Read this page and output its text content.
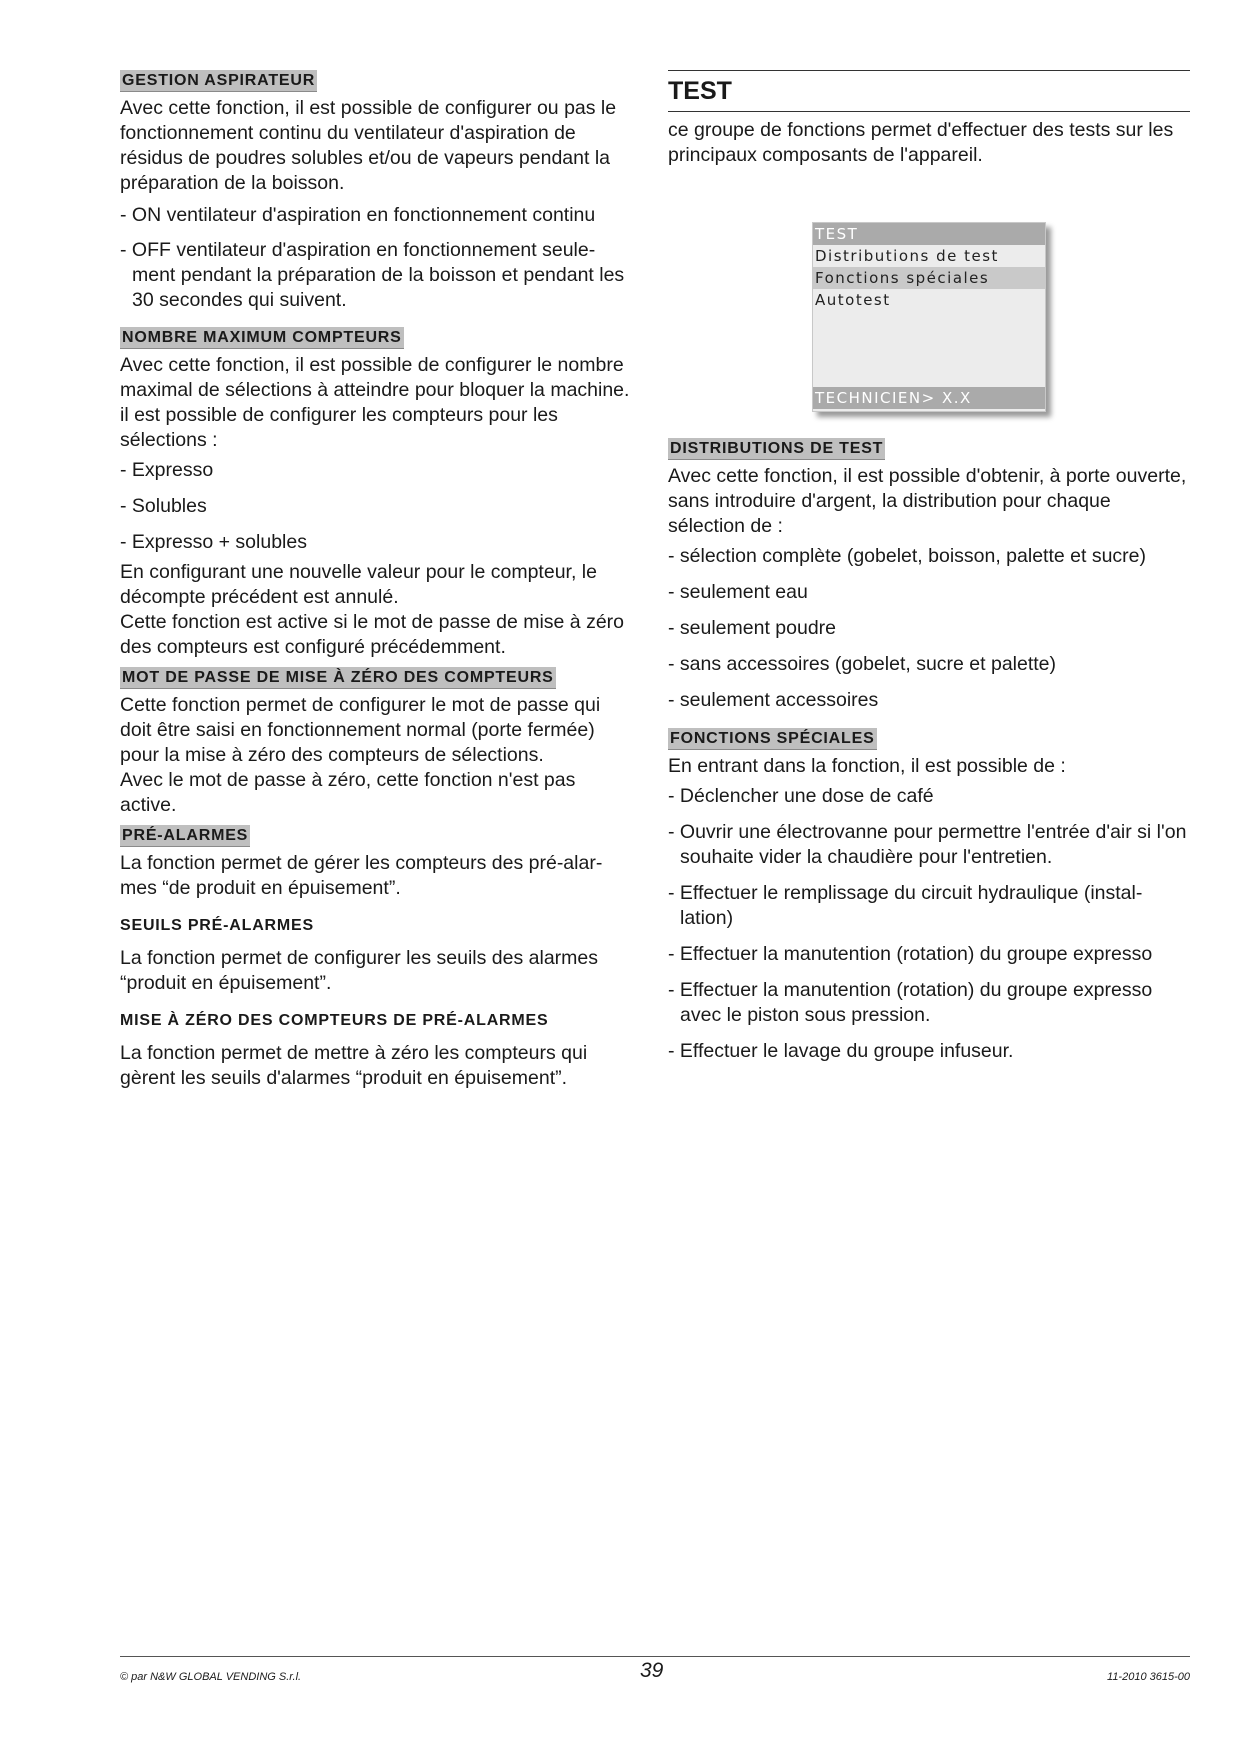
GESTION ASPIRATEUR

Avec cette fonction, il est possible de configurer ou pas le fonctionnement continu du ventilateur d'aspiration de résidus de poudres solubles et/ou de vapeurs pendant la préparation de la boisson.

- ON ventilateur d'aspiration en fonctionnement continu
- OFF ventilateur d'aspiration en fonctionnement seule-ment pendant la préparation de la boisson et pendant les 30 secondes qui suivent.
NOMBRE MAXIMUM COMPTEURS

Avec cette fonction, il est possible de configurer le nombre maximal de sélections à atteindre pour bloquer la machine.

il est possible de configurer les compteurs pour les sélections :

- Expresso
- Solubles
- Expresso + solubles

En configurant une nouvelle valeur pour le compteur, le décompte précédent est annulé.

Cette fonction est active si le mot de passe de mise à zéro des compteurs est configuré précédemment.

MOT DE PASSE DE MISE À ZÉRO DES COMPTEURS

Cette fonction permet de configurer le mot de passe qui doit être saisi en fonctionnement normal (porte fermée) pour la mise à zéro des compteurs de sélections.

Avec le mot de passe à zéro, cette fonction n'est pas active.

PRÉ-ALARMES

La fonction permet de gérer les compteurs des pré-alar-mes “de produit en épuisement”.

SEUILS PRÉ-ALARMES

La fonction permet de configurer les seuils des alarmes “produit en épuisement”.

MISE À ZÉRO DES COMPTEURS DE PRÉ-ALARMES

La fonction permet de mettre à zéro les compteurs qui gèrent les seuils d'alarmes “produit en épuisement”.

TEST

ce groupe de fonctions permet d'effectuer des tests sur les principaux composants de l'appareil.

DISTRIBUTIONS DE TEST

Avec cette fonction, il est possible d'obtenir, à porte ouverte, sans introduire d'argent, la distribution pour chaque sélection de :

- sélection complète (gobelet, boisson, palette et sucre)
- seulement eau
- seulement poudre
- sans accessoires (gobelet, sucre et palette)
- seulement accessoires
FONCTIONS SPÉCIALES

En entrant dans la fonction, il est possible de :

- Déclencher une dose de café
- Ouvrir une électrovanne pour permettre l'entrée d'air si l'on souhaite vider la chaudière pour l'entretien.
- Effectuer le remplissage du circuit hydraulique (instal-lation)
- Effectuer la manutention (rotation) du groupe expresso
- Effectuer la manutention (rotation) du groupe expresso avec le piston sous pression.
- Effectuer le lavage du groupe infuseur.
TEST
Distributions de test
Fonctions spéciales
Autotest
TECHNICIEN> X.X
© par N&W GLOBAL VENDING S.r.l.	39	11-2010 3615-00
